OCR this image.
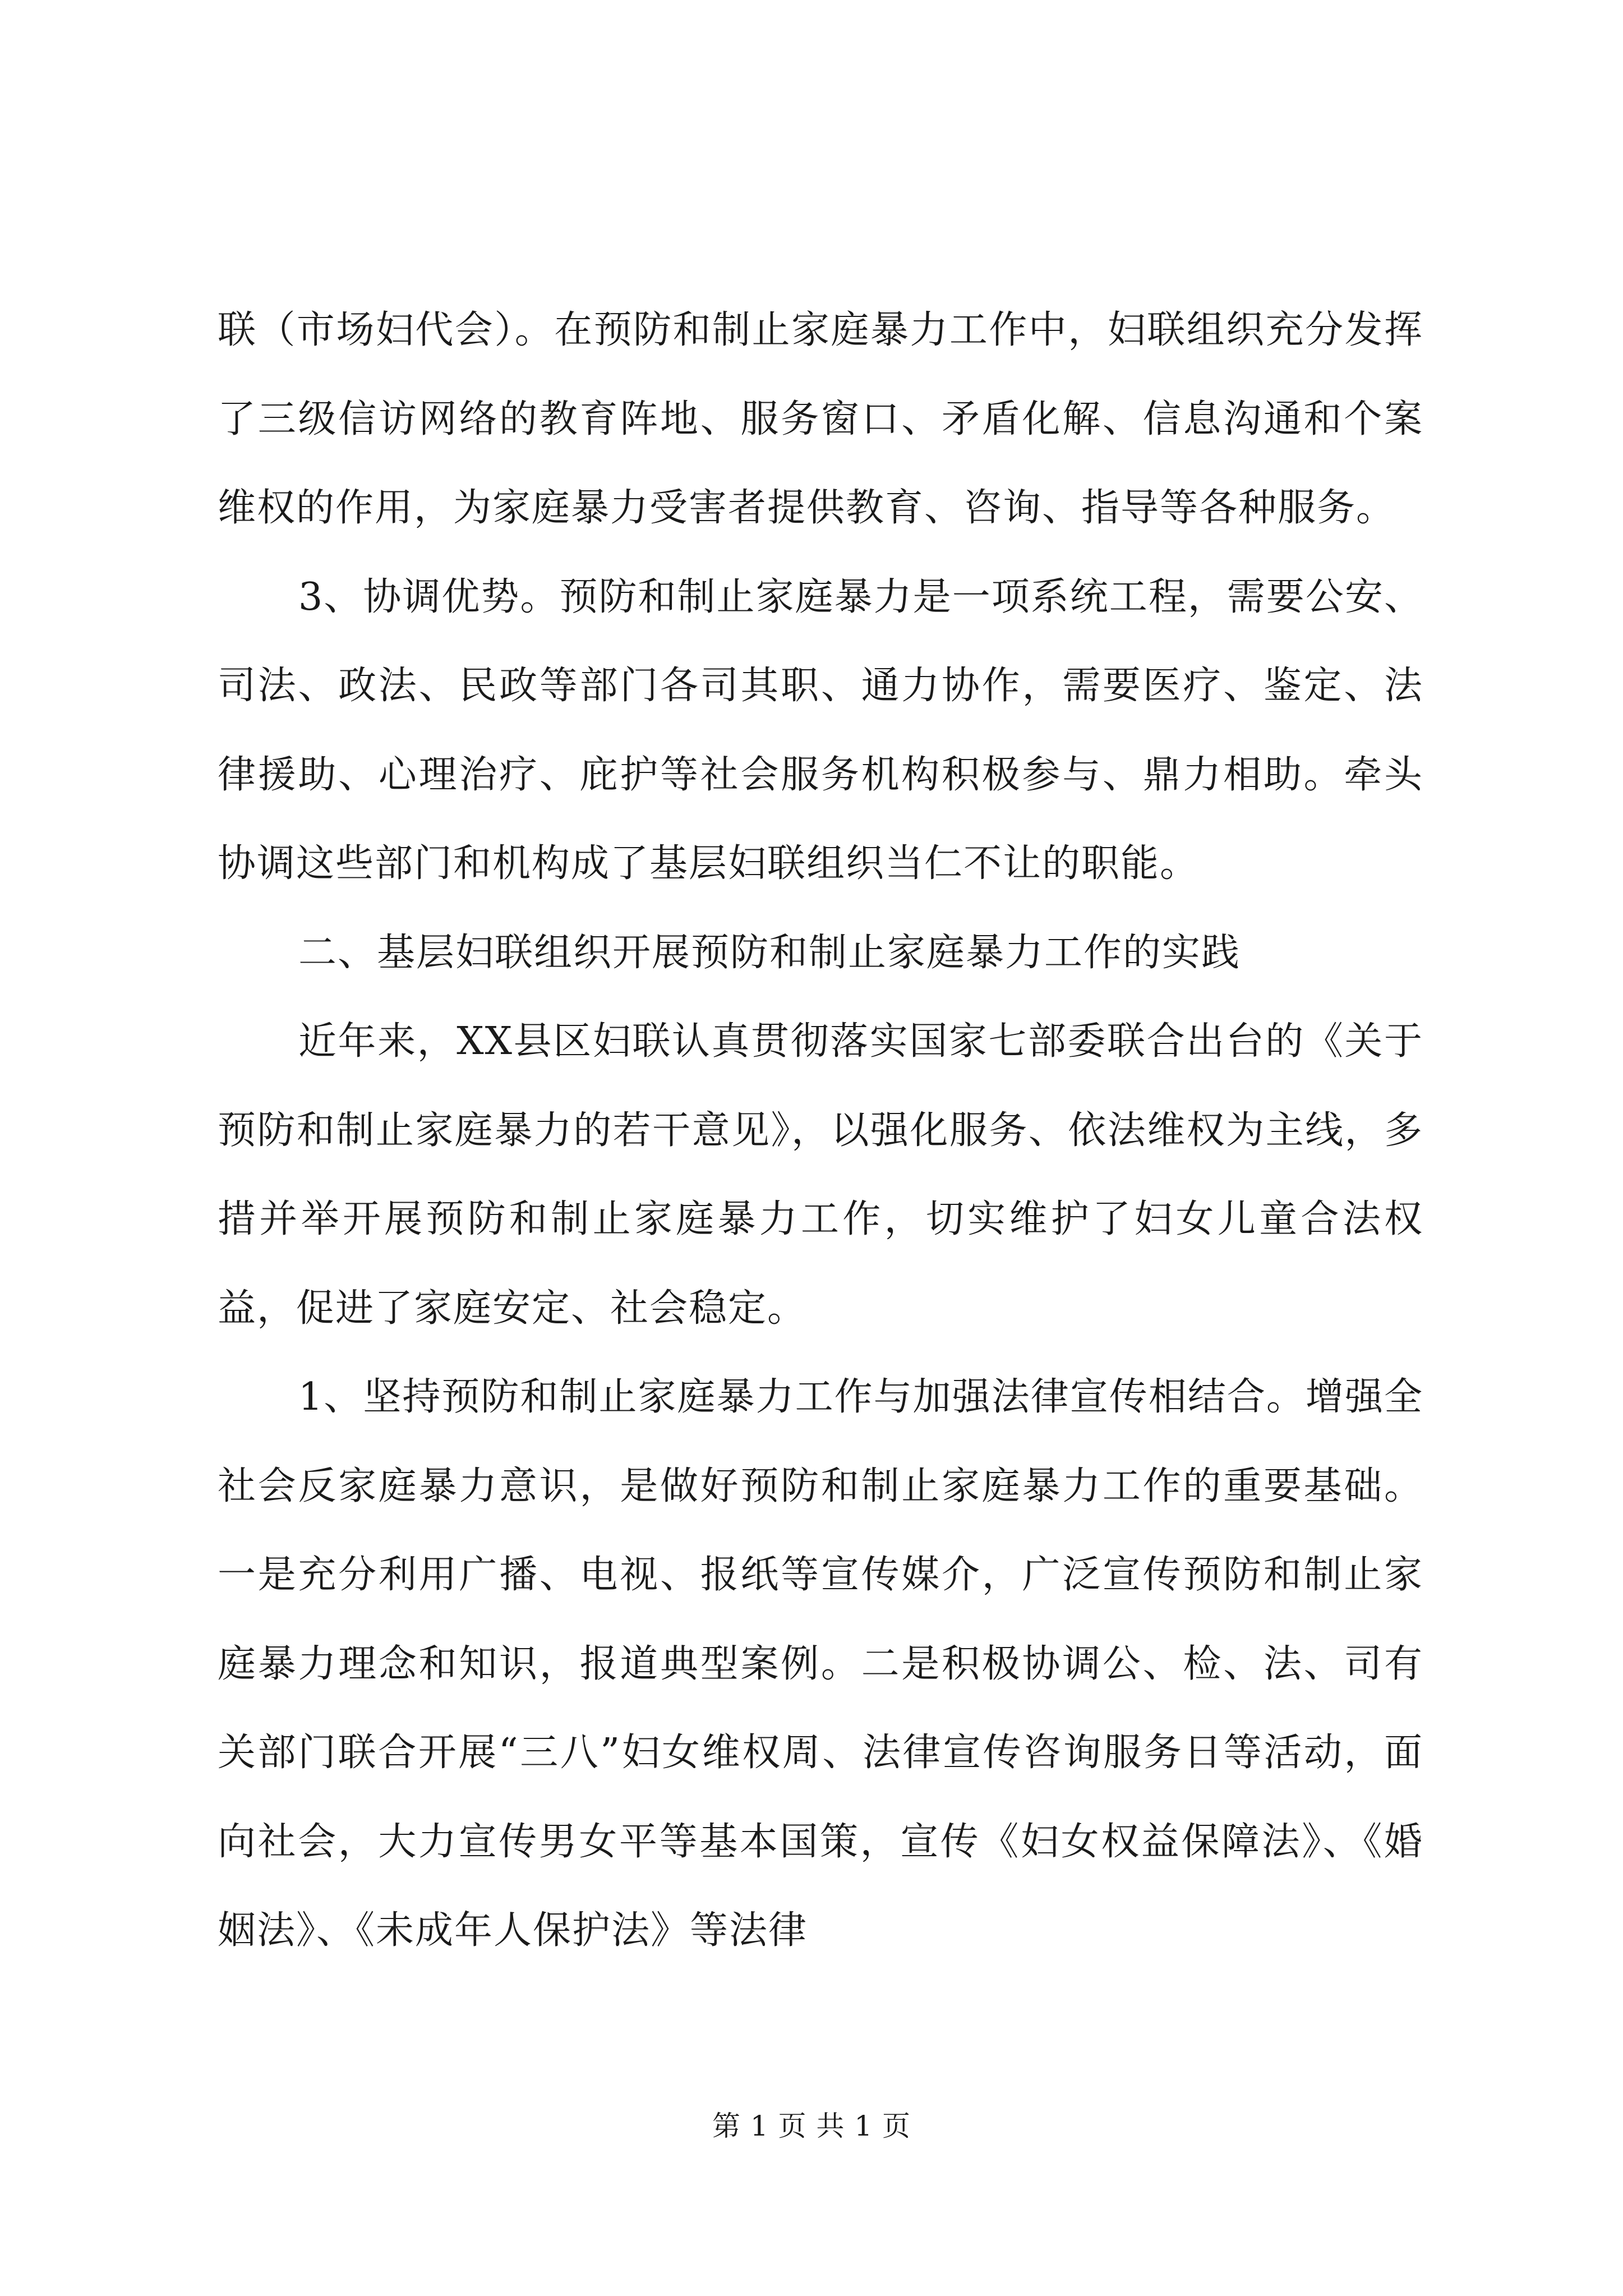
联（市场妇代会）。在预防和制止家庭暴力工作中，妇联组织充分发挥了三级信访网络的教育阵地、服务窗口、矛盾化解、信息沟通和个案维权的作用，为家庭暴力受害者提供教育、咨询、指导等各种服务。

3、协调优势。预防和制止家庭暴力是一项系统工程，需要公安、司法、政法、民政等部门各司其职、通力协作，需要医疗、鉴定、法律援助、心理治疗、庇护等社会服务机构积极参与、鼎力相助。牵头协调这些部门和机构成了基层妇联组织当仁不让的职能。

二、基层妇联组织开展预防和制止家庭暴力工作的实践

近年来，XX县区妇联认真贯彻落实国家七部委联合出台的《关于预防和制止家庭暴力的若干意见》，以强化服务、依法维权为主线，多措并举开展预防和制止家庭暴力工作，切实维护了妇女儿童合法权益，促进了家庭安定、社会稳定。

1、坚持预防和制止家庭暴力工作与加强法律宣传相结合。增强全社会反家庭暴力意识，是做好预防和制止家庭暴力工作的重要基础。一是充分利用广播、电视、报纸等宣传媒介，广泛宣传预防和制止家庭暴力理念和知识，报道典型案例。二是积极协调公、检、法、司有关部门联合开展“三八”妇女维权周、法律宣传咨询服务日等活动，面向社会，大力宣传男女平等基本国策，宣传《妇女权益保障法》、《婚姻法》、《未成年人保护法》等法律

第 1 页 共 1 页
